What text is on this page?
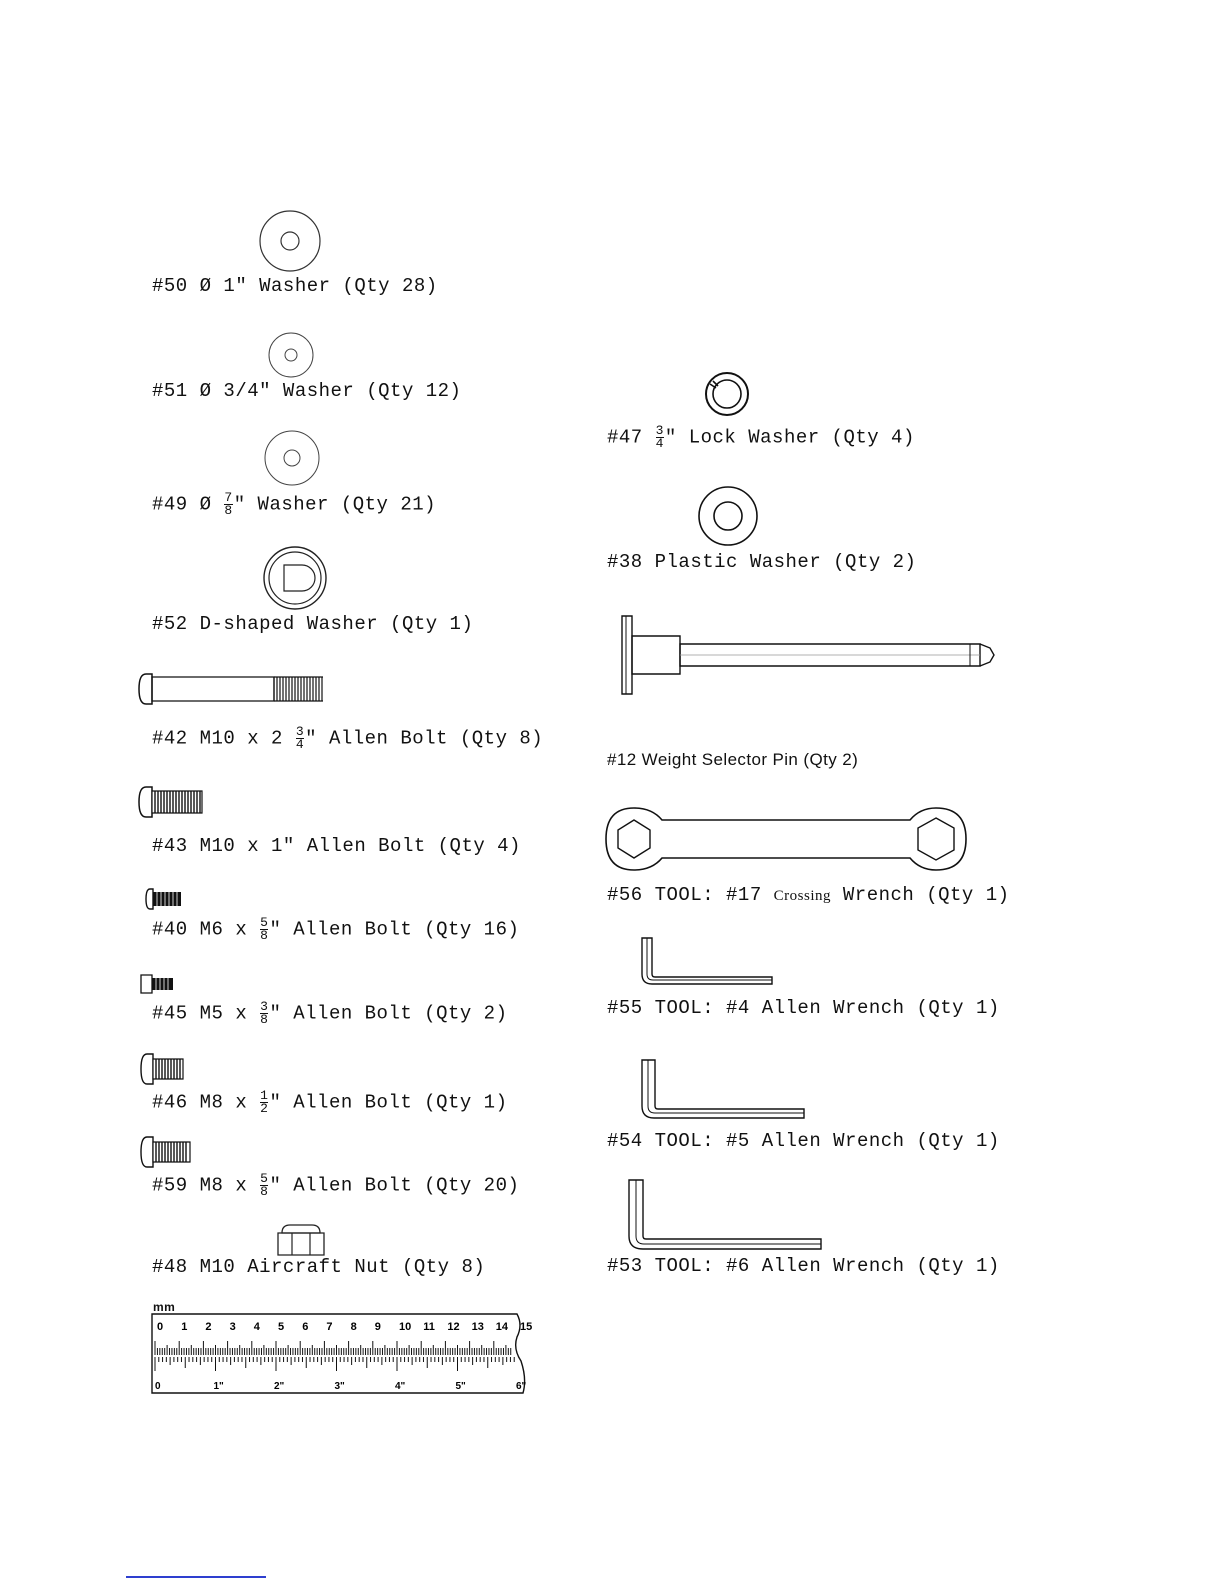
#50 Ø 1" Washer (Qty 28)
#51 Ø 3/4" Washer (Qty 12)
#49 Ø $\frac{7}{8}$ " Washer (Qty 21)
#52 D-shaped Washer (Qty 1)
#42 M10 x $2 \frac{3}{4}$ " Allen Bolt (Qty 8)
#43 M10 x 1" Allen Bolt (Qty 4)
#40 M6 x $\frac{5}{8}$ " Allen Bolt (Qty 16)
#45 M5 x $\frac{3}{8}$ " Allen Bolt (Qty 2)
#46 M8 x $\frac{1}{2}$ " Allen Bolt (Qty 1)
#59 M8 x $\frac{5}{8}$ " Allen Bolt (Qty 20)
#48 M10 Aircraft Nut (Qty 8)
mm
0 1 2 3 4 5 6 7 8 9 10 11 12 13 14 15
0	1"	2"	3"	4"	5"	6"
#47 $\frac{3}{4}$ " Lock Washer (Qty 4)
#38 Plastic Washer (Qty 2)
#12 Weight Selector Pin (Qty 2)
#56 TOOL: #17 Crossing Wrench (Qty 1)
#55 TOOL: #4 Allen Wrench (Qty 1)
#54 TOOL: #5 Allen Wrench (Qty 1)
#53 TOOL: #6 Allen Wrench (Qty 1)
